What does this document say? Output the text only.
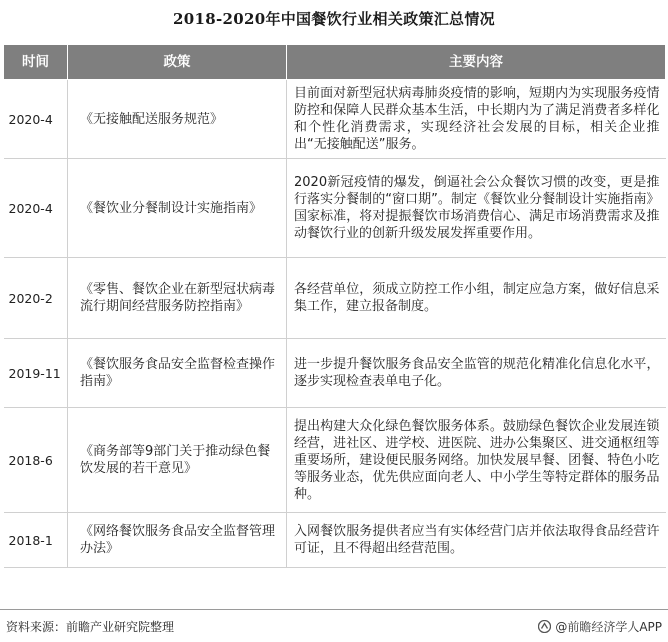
2018-2020年中国餐饮行业相关政策汇总情况
时间	政策	主要内容
2020-4	《无接触配送服务规范》	目前面对新型冠状病毒肺炎疫情的影响，短期内为实现服务疫情防控和保障人民群众基本生活，中长期内为了满足消费者多样化和个性化消费需求，实现经济社会发展的目标，相关企业推出“无接触配送”服务。
2020-4	《餐饮业分餐制设计实施指南》	2020新冠疫情的爆发，倒逼社会公众餐饮习惯的改变，更是推行落实分餐制的“窗口期”。制定《餐饮业分餐制设计实施指南》国家标准，将对提振餐饮市场消费信心、满足市场消费需求及推动餐饮行业的创新升级发展发挥重要作用。
2020-2	《零售、餐饮企业在新型冠状病毒流行期间经营服务防控指南》	各经营单位，须成立防控工作小组，制定应急方案，做好信息采集工作，建立报备制度。
2019-11	《餐饮服务食品安全监督检查操作指南》	进一步提升餐饮服务食品安全监管的规范化精准化信息化水平，逐步实现检查表单电子化。
2018-6	《商务部等9部门关于推动绿色餐饮发展的若干意见》	提出构建大众化绿色餐饮服务体系。鼓励绿色餐饮企业发展连锁经营，进社区、进学校、进医院、进办公集聚区、进交通枢纽等重要场所，建设便民服务网络。加快发展早餐、团餐、特色小吃等服务业态，优先供应面向老人、中小学生等特定群体的服务品种。
2018-1	《网络餐饮服务食品安全监督管理办法》	入网餐饮服务提供者应当有实体经营门店并依法取得食品经营许可证，且不得超出经营范围。
资料来源：前瞻产业研究院整理	@前瞻经济学人APP
